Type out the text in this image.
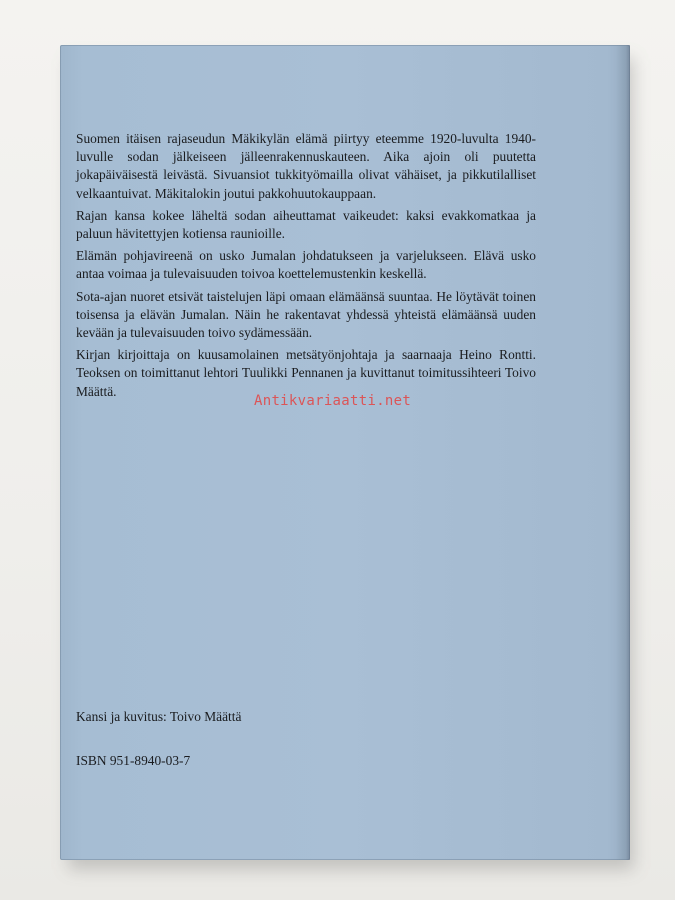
Suomen itäisen rajaseudun Mäkikylän elämä piirtyy eteemme 1920-luvulta 1940-luvulle sodan jälkeiseen jälleenrakennuskauteen. Aika ajoin oli puutetta jokapäiväisestä leivästä. Sivuansiot tukkityömailla olivat vähäiset, ja pikkutilalliset velkaantuivat. Mäkitalokin joutui pakkohuutokauppaan.

Rajan kansa kokee läheltä sodan aiheuttamat vaikeudet: kaksi evakkomatkaa ja paluun hävitettyjen kotiensa raunioille.

Elämän pohjavireenä on usko Jumalan johdatukseen ja varjelukseen. Elävä usko antaa voimaa ja tulevaisuuden toivoa koettelemustenkin keskellä.

Sota-ajan nuoret etsivät taistelujen läpi omaan elämäänsä suuntaa. He löytävät toinen toisensa ja elävän Jumalan. Näin he rakentavat yhdessä yhteistä elämäänsä uuden kevään ja tulevaisuuden toivo sydämessään.

Kirjan kirjoittaja on kuusamolainen metsätyönjohtaja ja saarnaaja Heino Rontti. Teoksen on toimittanut lehtori Tuulikki Pennanen ja kuvittanut toimitussihteeri Toivo Määttä.

Antikvariaatti.net
Kansi ja kuvitus: Toivo Määttä
ISBN 951-8940-03-7
